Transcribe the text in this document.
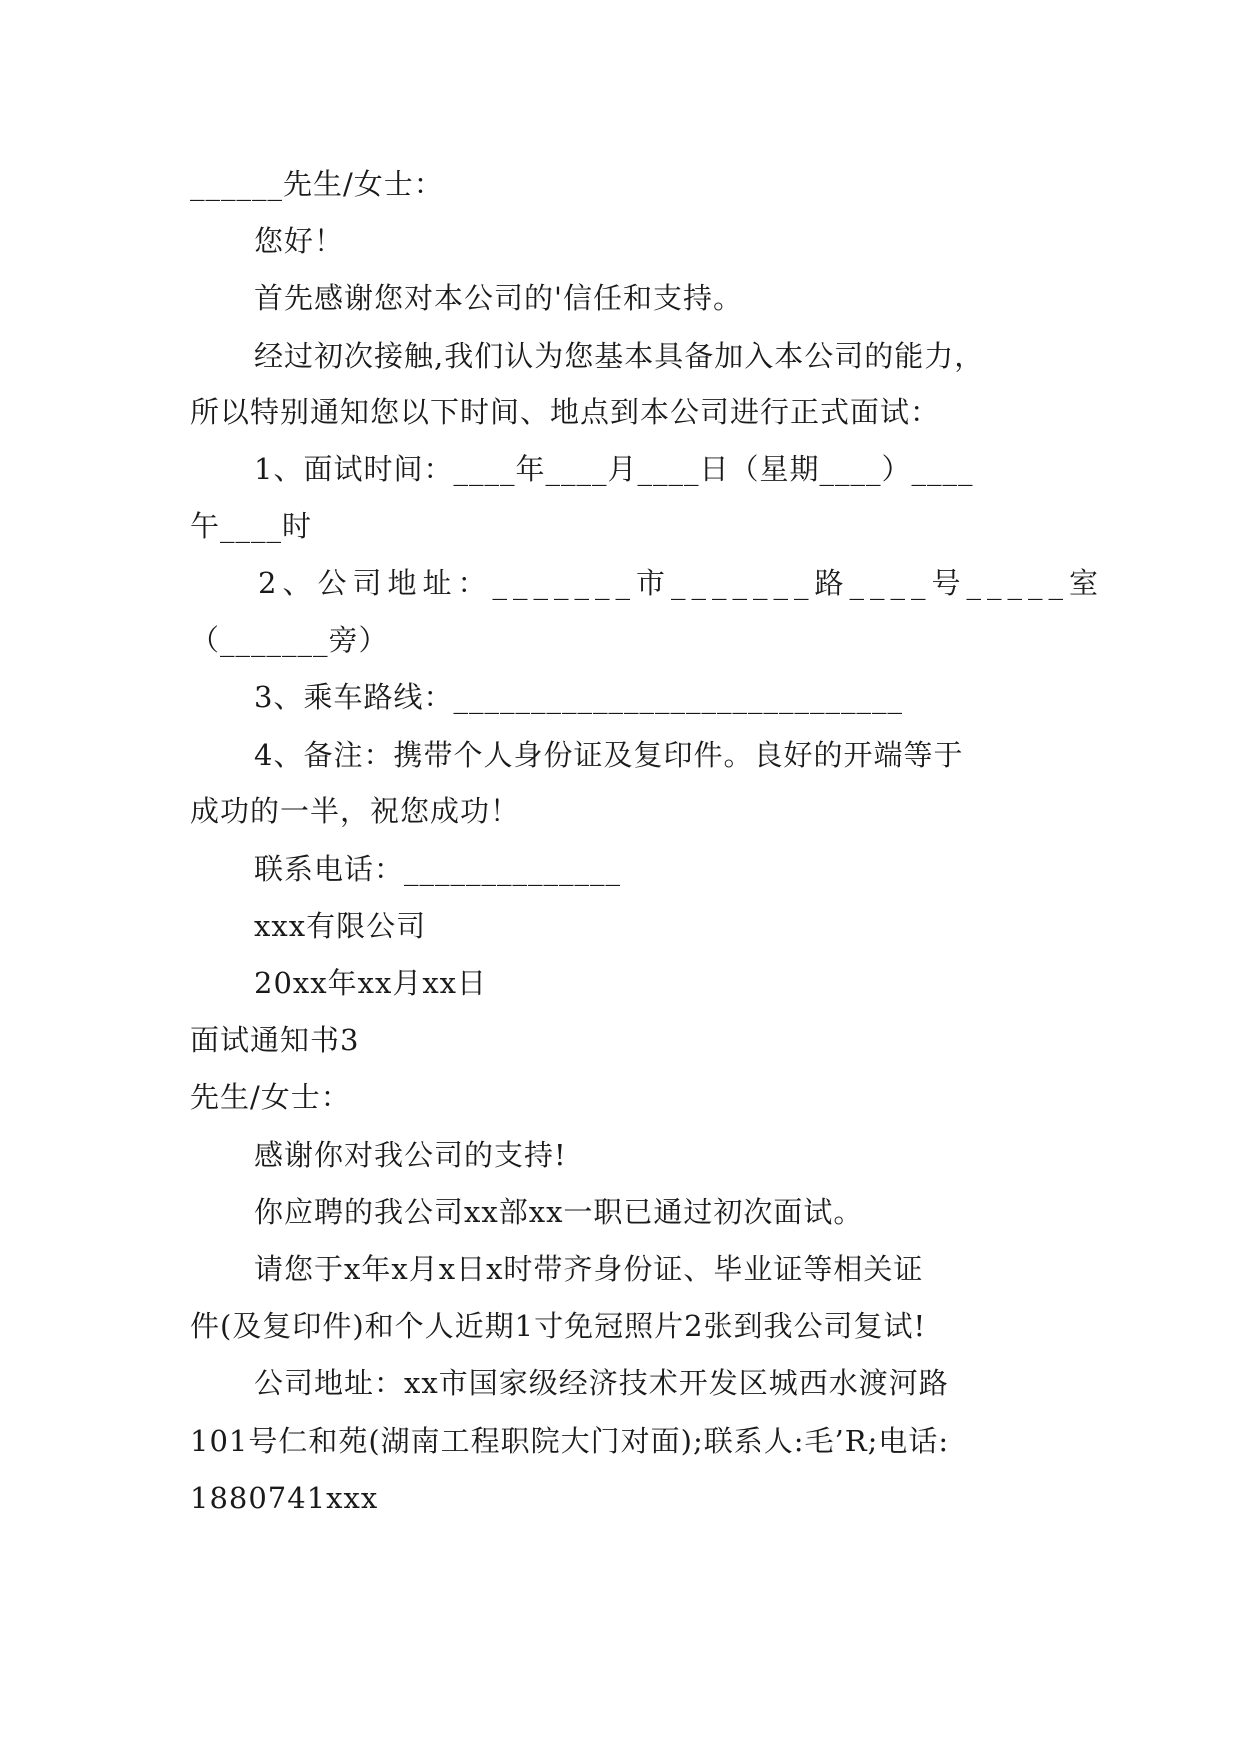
______先生/女士：
您好！
首先感谢您对本公司的'信任和支持。
经过初次接触,我们认为您基本具备加入本公司的能力，
所以特别通知您以下时间、地点到本公司进行正式面试：
1、面试时间：____年____月____日（星期____）____
午____时
2、公司地址：_______市_______路____号_____室
（_______旁）
3、乘车路线：_____________________________
4、备注：携带个人身份证及复印件。良好的开端等于
成功的一半，祝您成功！
联系电话：______________
xxx有限公司
20xx年xx月xx日
面试通知书3
先生/女士：
感谢你对我公司的支持!
你应聘的我公司xx部xx一职已通过初次面试。
请您于x年x月x日x时带齐身份证、毕业证等相关证
件(及复印件)和个人近期1寸免冠照片2张到我公司复试!
公司地址：xx市国家级经济技术开发区城西水渡河路
101号仁和苑(湖南工程职院大门对面);联系人:毛’R;电话:
1880741xxx
